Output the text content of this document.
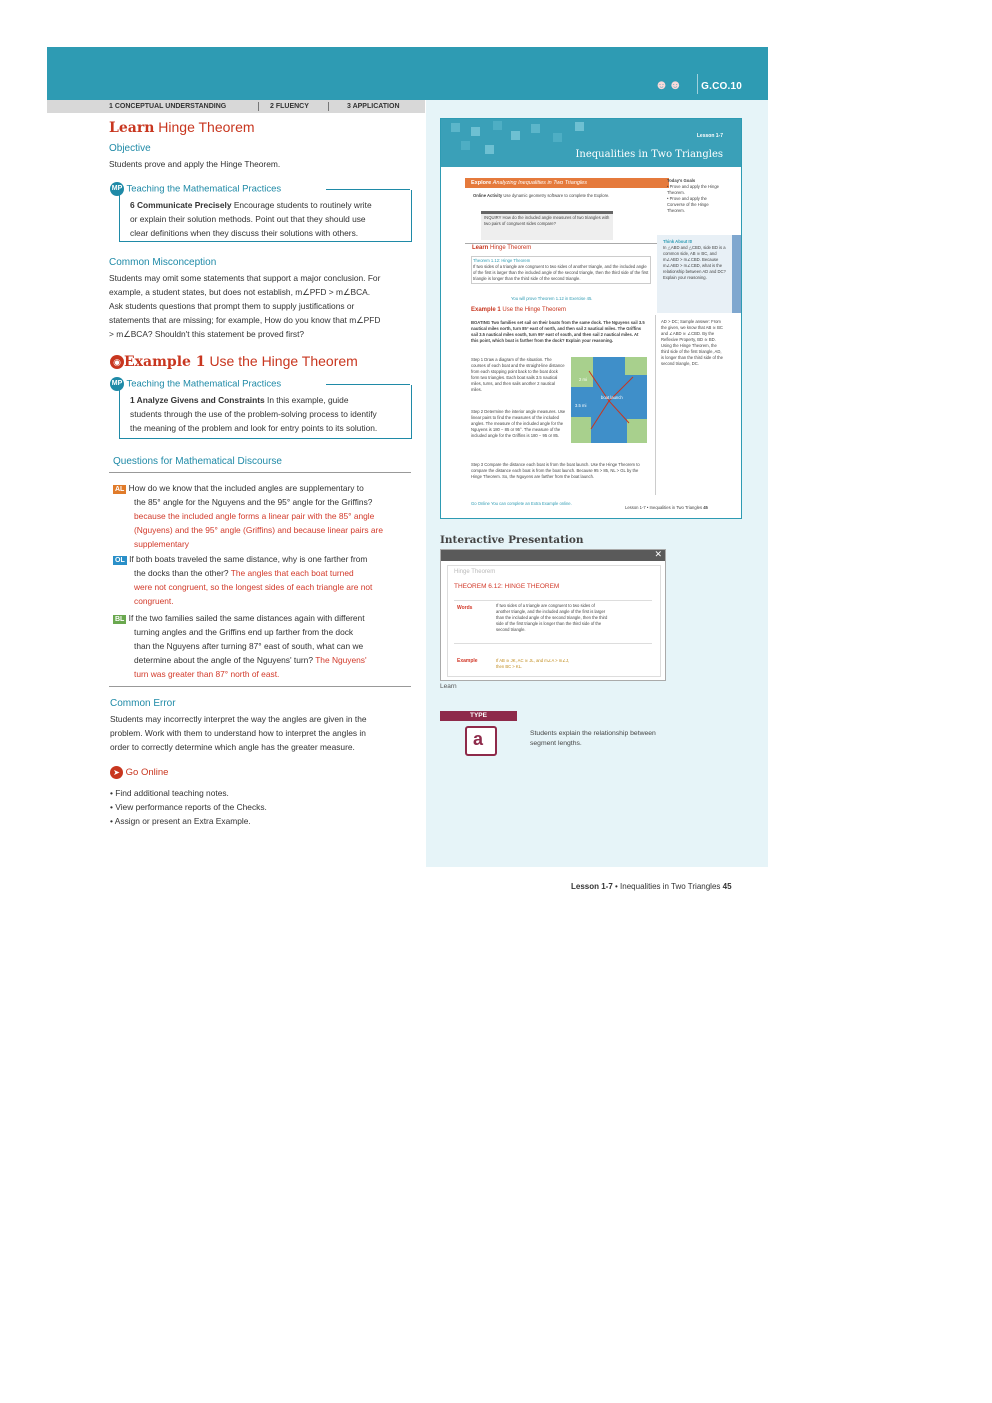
☻☻ G.CO.10
1 CONCEPTUAL UNDERSTANDING	2 FLUENCY	3 APPLICATION
Learn Hinge Theorem
Objective
Students prove and apply the Hinge Theorem.
MP Teaching the Mathematical Practices
6 Communicate Precisely Encourage students to routinely write
or explain their solution methods. Point out that they should use
clear definitions when they discuss their solutions with others.
Common Misconception
Students may omit some statements that support a major conclusion. For
example, a student states, but does not establish, m∠PFD > m∠BCA.
Ask students questions that prompt them to supply justifications or
statements that are missing; for example, How do you know that m∠PFD
> m∠BCA? Shouldn't this statement be proved first?
◉ Example 1 Use the Hinge Theorem
MP Teaching the Mathematical Practices
1 Analyze Givens and Constraints In this example, guide
students through the use of the problem-solving process to identify
the meaning of the problem and look for entry points to its solution.
Questions for Mathematical Discourse
AL How do we know that the included angles are supplementary to
the 85° angle for the Nguyens and the 95° angle for the Griffins?
because the included angle forms a linear pair with the 85° angle
(Nguyens) and the 95° angle (Griffins) and because linear pairs are
supplementary
OL If both boats traveled the same distance, why is one farther from
the docks than the other? The angles that each boat turned
were not congruent, so the longest sides of each triangle are not
congruent.
BL If the two families sailed the same distances again with different
turning angles and the Griffins end up farther from the dock
than the Nguyens after turning 87° east of south, what can we
determine about the angle of the Nguyens' turn? The Nguyens'
turn was greater than 87° north of east.
Common Error
Students may incorrectly interpret the way the angles are given in the
problem. Work with them to understand how to interpret the angles in
order to correctly determine which angle has the greater measure.
➤ Go Online
• Find additional teaching notes.
• View performance reports of the Checks.
• Assign or present an Extra Example.
Lesson 1-7
Inequalities in Two Triangles
Explore Analyzing Inequalities in Two Triangles
Online Activity Use dynamic geometry software to complete the Explore.
INQUIRY How do the included angle measures of two triangles with two pairs of congruent sides compare?
Today's Goals
• Prove and apply the Hinge Theorem.
• Prove and apply the Converse of the Hinge Theorem.
Learn Hinge Theorem
Theorem 1.12: Hinge Theorem
If two sides of a triangle are congruent to two sides of another triangle, and the included angle of the first is larger than the included angle of the second triangle, then the third side of the first triangle is longer than the third side of the second triangle.
You will prove Theorem 1.12 in Exercise 45.
Example 1 Use the Hinge Theorem
BOATING Two families set sail on their boats from the same dock. The Nguyens sail 3.5 nautical miles north, turn 85° east of north, and then sail 2 nautical miles. The Griffins sail 3.5 nautical miles south, turn 95° east of south, and then sail 2 nautical miles. At this point, which boat is farther from the dock? Explain your reasoning.
Step 1 Draw a diagram of the situation. The courses of each boat and the straight-line distance from each stopping point back to the boat dock form two triangles. Each boat sails 3.5 nautical miles, turns, and then sails another 2 nautical miles.
Step 2 Determine the interior angle measures. Use linear pairs to find the measures of the included angles. The measure of the included angle for the Nguyens is 180 − 85 or 95°. The measure of the included angle for the Griffins is 180 − 95 or 85.
Step 3 Compare the distance each boat is from the boat launch. Use the Hinge Theorem to compare the distance each boat is from the boat launch. Because 95 > 85, NL > GL by the Hinge Theorem. So, the Nguyens are farther from the boat launch.
Go Online You can complete an Extra Example online.
boat launch
2 mi
3.5 mi
Think About It!
In △ABD and △CBD, side BD is a common side, AB ≅ BC, and m∠ABD > m∠CBD. Because m∠ABD > m∠CBD, what is the relationship between AD and DC? Explain your reasoning.
AD > DC; Sample answer: From the given, we know that AB ≅ BC and ∠ABD ≅ ∠CBD. By the Reflexive Property, BD ≅ BD. Using the Hinge Theorem, the third side of the first triangle, AD, is longer than the third side of the second triangle, DC.
Lesson 1-7 • Inequalities in Two Triangles 45
Interactive Presentation
✕
Hinge Theorem
THEOREM 6.12: HINGE THEOREM
Words	If two sides of a triangle are congruent to two sides of
another triangle, and the included angle of the first is larger
than the included angle of the second triangle, then the third
side of the first triangle is longer than the third side of the
second triangle.
Example	If AB ≅ JK, AC ≅ JL, and m∠A > m∠J,
then BC > KL.
Learn
TYPE
a	Students explain the relationship between
segment lengths.
Lesson 1-7 • Inequalities in Two Triangles 45
